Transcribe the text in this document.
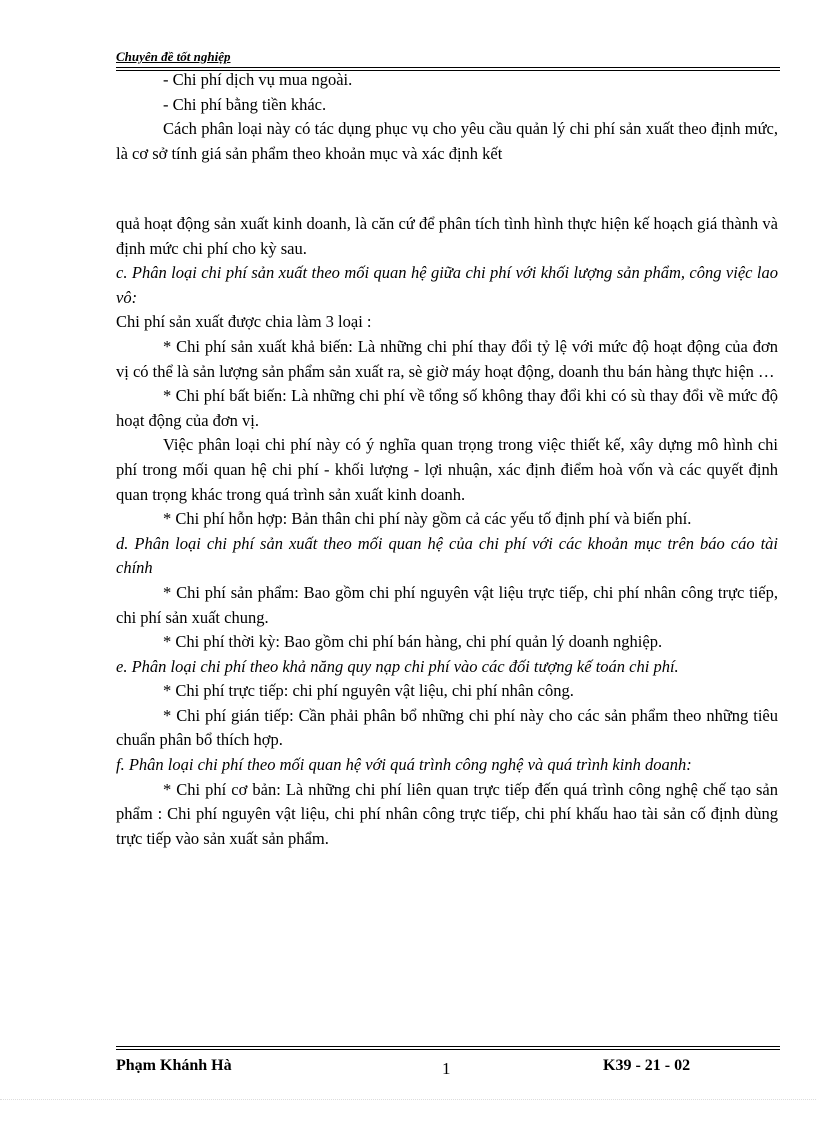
Chuyên đề tốt nghiệp

- Chi phí dịch vụ mua ngoài.

- Chi phí bằng tiền khác.

Cách phân loại này có tác dụng phục vụ cho yêu cầu quản lý chi phí sản xuất theo định mức, là cơ sở tính giá sản phẩm theo khoản mục và xác định kết

quả hoạt động sản xuất kinh doanh, là căn cứ để phân tích tình hình thực hiện kế hoạch giá thành và định mức chi phí cho kỳ sau.

c. Phân loại chi phí sản xuất theo mối quan hệ giữa chi phí với khối lượng sản phẩm, công việc lao vô:

Chi phí sản xuất được chia làm 3 loại :

* Chi phí sản xuất khả biến: Là những chi phí thay đổi tỷ lệ với mức độ hoạt động của đơn vị có thể là sản lượng sản phẩm sản xuất ra, sè giờ máy hoạt động, doanh thu bán hàng thực hiện …

* Chi phí bất biến: Là những chi phí về tổng số không thay đổi khi có sù thay đổi về mức độ hoạt động của đơn vị.

Việc phân loại chi phí này có ý nghĩa quan trọng trong việc thiết kế, xây dựng mô hình chi phí trong mối quan hệ chi phí - khối lượng - lợi nhuận, xác định điểm hoà vốn và các quyết định quan trọng khác trong quá trình sản xuất kinh doanh.

* Chi phí hỗn hợp: Bản thân chi phí này gồm cả các yếu tố định phí và biến phí.

d. Phân loại chi phí sản xuất theo mối quan hệ của chi phí với các khoản mục trên báo cáo tài chính

* Chi phí sản phẩm: Bao gồm chi phí nguyên vật liệu trực tiếp, chi phí nhân công trực tiếp, chi phí sản xuất chung.

* Chi phí thời kỳ: Bao gồm chi phí bán hàng, chi phí quản lý doanh nghiệp.

e. Phân loại chi phí theo khả năng quy nạp chi phí vào các đối tượng kế toán chi phí.

* Chi phí trực tiếp: chi phí nguyên vật liệu, chi phí nhân công.

* Chi phí gián tiếp: Cần phải phân bổ những chi phí này cho các sản phẩm theo những tiêu chuẩn phân bổ thích hợp.

f. Phân loại chi phí theo mối quan hệ với quá trình công nghệ và quá trình kinh doanh:

* Chi phí cơ bản: Là những chi phí liên quan trực tiếp đến quá trình công nghệ chế tạo sản phẩm : Chi phí nguyên vật liệu, chi phí nhân công trực tiếp, chi phí khấu hao tài sản cố định dùng trực tiếp vào sản xuất sản phẩm.

Phạm Khánh Hà	1	K39 - 21 - 02
